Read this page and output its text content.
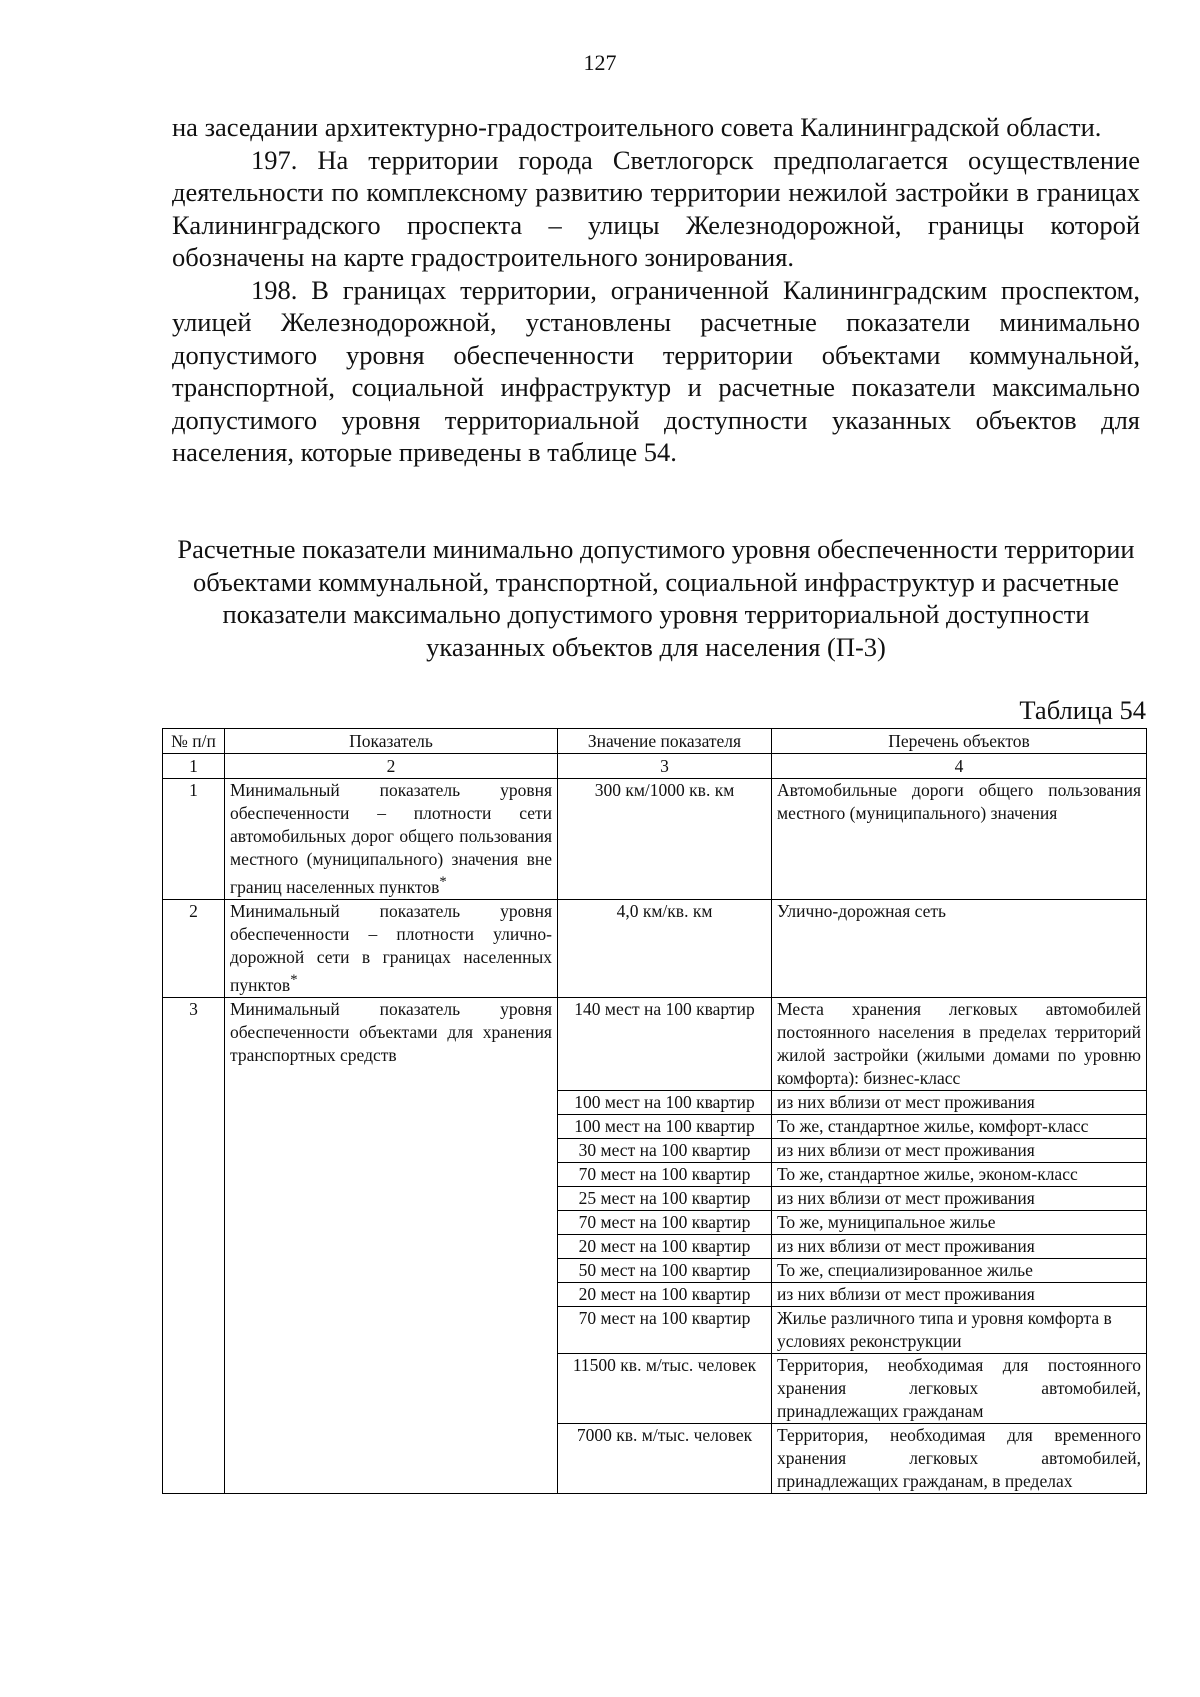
127

на заседании архитектурно-градостроительного совета Калининградской области.

197. На территории города Светлогорск предполагается осуществление деятельности по комплексному развитию территории нежилой застройки в границах Калининградского проспекта – улицы Железнодорожной, границы которой обозначены на карте градостроительного зонирования.

198. В границах территории, ограниченной Калининградским проспектом, улицей Железнодорожной, установлены расчетные показатели минимально допустимого уровня обеспеченности территории объектами коммунальной, транспортной, социальной инфраструктур и расчетные показатели максимально допустимого уровня территориальной доступности указанных объектов для населения, которые приведены в таблице 54.

Расчетные показатели минимально допустимого уровня обеспеченности территории объектами коммунальной, транспортной, социальной инфраструктур и расчетные показатели максимально допустимого уровня территориальной доступности указанных объектов для населения (П-3)
Таблица 54
№ п/п	Показатель	Значение показателя	Перечень объектов
1	2	3	4
1	Минимальный показатель уровня обеспеченности – плотности сети автомобильных дорог общего пользования местного (муниципального) значения вне границ населенных пунктов*	300 км/1000 кв. км	Автомобильные дороги общего пользования местного (муниципального) значения
2	Минимальный показатель уровня обеспеченности – плотности улично-дорожной сети в границах населенных пунктов*	4,0 км/кв. км	Улично-дорожная сеть
3	Минимальный показатель уровня обеспеченности объектами для хранения транспортных средств	140 мест на 100 квартир	Места хранения легковых автомобилей постоянного населения в пределах территорий жилой застройки (жилыми домами по уровню комфорта): бизнес-класс
		100 мест на 100 квартир	из них вблизи от мест проживания
		100 мест на 100 квартир	То же, стандартное жилье, комфорт-класс
		30 мест на 100 квартир	из них вблизи от мест проживания
		70 мест на 100 квартир	То же, стандартное жилье, эконом-класс
		25 мест на 100 квартир	из них вблизи от мест проживания
		70 мест на 100 квартир	То же, муниципальное жилье
		20 мест на 100 квартир	из них вблизи от мест проживания
		50 мест на 100 квартир	То же, специализированное жилье
		20 мест на 100 квартир	из них вблизи от мест проживания
		70 мест на 100 квартир	Жилье различного типа и уровня комфорта в условиях реконструкции
		11500 кв. м/тыс. человек	Территория, необходимая для постоянного хранения легковых автомобилей, принадлежащих гражданам
		7000 кв. м/тыс. человек	Территория, необходимая для временного хранения легковых автомобилей, принадлежащих гражданам, в пределах
